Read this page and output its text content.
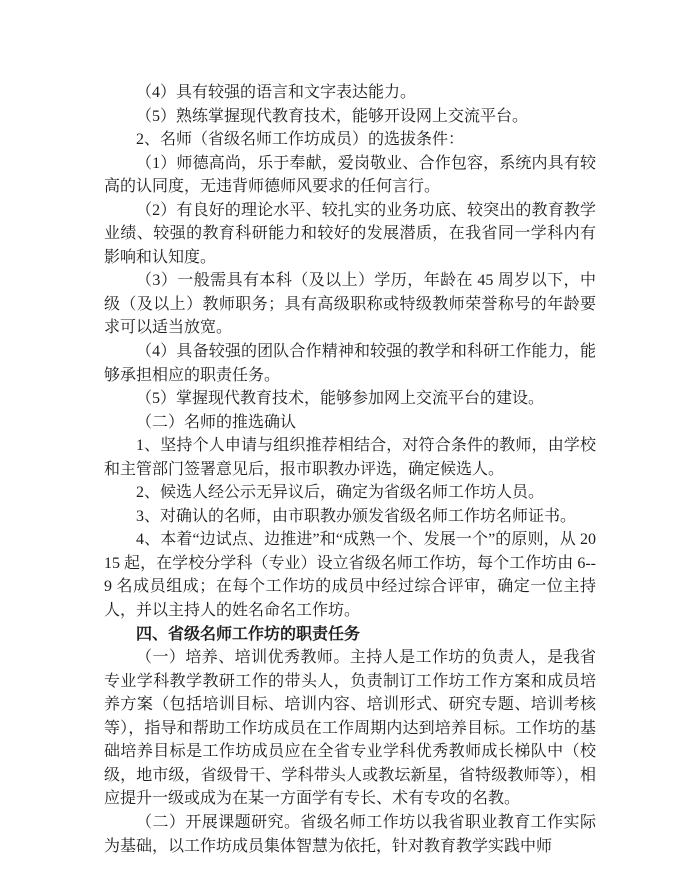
（4）具有较强的语言和文字表达能力。

（5）熟练掌握现代教育技术，能够开设网上交流平台。

2、名师（省级名师工作坊成员）的选拔条件：

（1）师德高尚，乐于奉献，爱岗敬业、合作包容，系统内具有较高的认同度，无违背师德师风要求的任何言行。

（2）有良好的理论水平、较扎实的业务功底、较突出的教育教学业绩、较强的教育科研能力和较好的发展潜质，在我省同一学科内有影响和认知度。

（3）一般需具有本科（及以上）学历，年龄在 45 周岁以下，中级（及以上）教师职务；具有高级职称或特级教师荣誉称号的年龄要求可以适当放宽。

（4）具备较强的团队合作精神和较强的教学和科研工作能力，能够承担相应的职责任务。

（5）掌握现代教育技术，能够参加网上交流平台的建设。

（二）名师的推选确认

1、坚持个人申请与组织推荐相结合，对符合条件的教师，由学校和主管部门签署意见后，报市职教办评选，确定候选人。

2、候选人经公示无异议后，确定为省级名师工作坊人员。

3、对确认的名师，由市职教办颁发省级名师工作坊名师证书。

4、本着“边试点、边推进”和“成熟一个、发展一个”的原则，从 2015 起，在学校分学科（专业）设立省级名师工作坊，每个工作坊由 6--9 名成员组成；在每个工作坊的成员中经过综合评审，确定一位主持人，并以主持人的姓名命名工作坊。

四、省级名师工作坊的职责任务

（一）培养、培训优秀教师。主持人是工作坊的负责人，是我省专业学科教学教研工作的带头人，负责制订工作坊工作方案和成员培养方案（包括培训目标、培训内容、培训形式、研究专题、培训考核等），指导和帮助工作坊成员在工作周期内达到培养目标。工作坊的基础培养目标是工作坊成员应在全省专业学科优秀教师成长梯队中（校级，地市级，省级骨干、学科带头人或教坛新星，省特级教师等），相应提升一级或成为在某一方面学有专长、术有专攻的名教。

（二）开展课题研究。省级名师工作坊以我省职业教育工作实际为基础，以工作坊成员集体智慧为依托，针对教育教学实践中师
